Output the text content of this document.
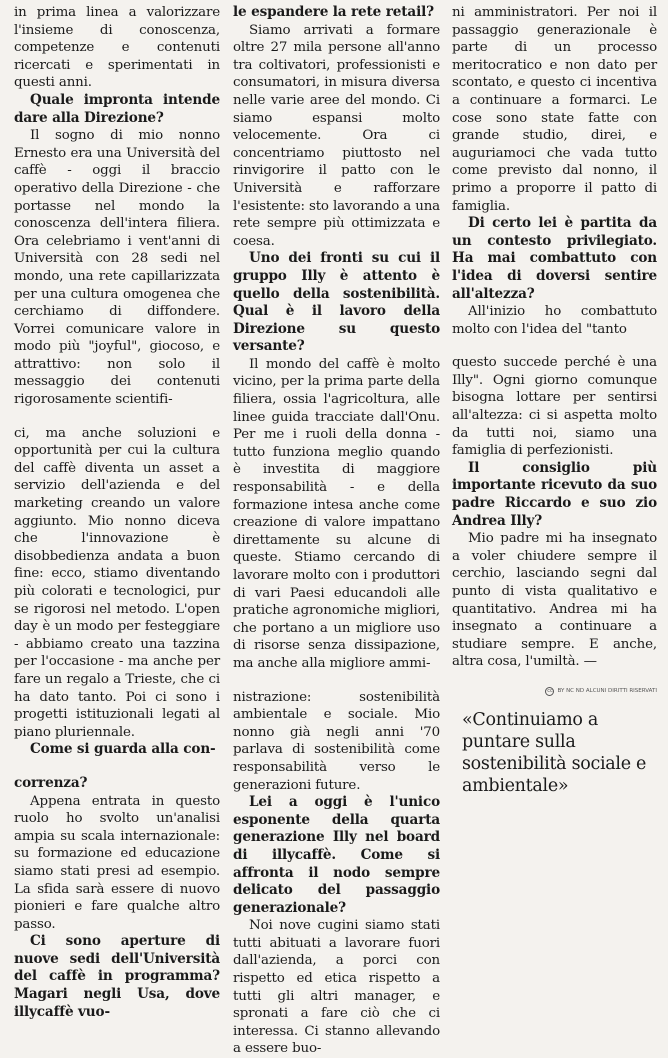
in prima linea a valorizzare l'insieme di conoscenza, competenze e contenuti ricercati e sperimentati in questi anni.

Quale impronta intende dare alla Direzione?

Il sogno di mio nonno Ernesto era una Università del caffè - oggi il braccio operativo della Direzione - che portasse nel mondo la conoscenza dell'intera filiera. Ora celebriamo i vent'anni di Università con 28 sedi nel mondo, una rete capillarizzata per una cultura omogenea che cerchiamo di diffondere. Vorrei comunicare valore in modo più "joyful", giocoso, e attrattivo: non solo il messaggio dei contenuti rigorosamente scientifi-

ci, ma anche soluzioni e opportunità per cui la cultura del caffè diventa un asset a servizio dell'azienda e del marketing creando un valore aggiunto. Mio nonno diceva che l'innovazione è disobbedienza andata a buon fine: ecco, stiamo diventando più colorati e tecnologici, pur se rigorosi nel metodo. L'open day è un modo per festeggiare - abbiamo creato una tazzina per l'occasione - ma anche per fare un regalo a Trieste, che ci ha dato tanto. Poi ci sono i progetti istituzionali legati al piano pluriennale.

Come si guarda alla con-

correnza?

Appena entrata in questo ruolo ho svolto un'analisi ampia su scala internazionale: su formazione ed educazione siamo stati presi ad esempio. La sfida sarà essere di nuovo pionieri e fare qualche altro passo.

Ci sono aperture di nuove sedi dell'Università del caffè in programma? Magari negli Usa, dove illycaffè vuo-

le espandere la rete retail?

Siamo arrivati a formare oltre 27 mila persone all'anno tra coltivatori, professionisti e consumatori, in misura diversa nelle varie aree del mondo. Ci siamo espansi molto velocemente. Ora ci concentriamo piuttosto nel rinvigorire il patto con le Università e rafforzare l'esistente: sto lavorando a una rete sempre più ottimizzata e coesa.

Uno dei fronti su cui il gruppo Illy è attento è quello della sostenibilità. Qual è il lavoro della Direzione su questo versante?

Il mondo del caffè è molto vicino, per la prima parte della filiera, ossia l'agricoltura, alle linee guida tracciate dall'Onu. Per me i ruoli della donna - tutto funziona meglio quando è investita di maggiore responsabilità - e della formazione intesa anche come creazione di valore impattano direttamente su alcune di queste. Stiamo cercando di lavorare molto con i produttori di vari Paesi educandoli alle pratiche agronomiche migliori, che portano a un migliore uso di risorse senza dissipazione, ma anche alla migliore ammi-

nistrazione: sostenibilità ambientale e sociale. Mio nonno già negli anni '70 parlava di sostenibilità come responsabilità verso le generazioni future.

Lei a oggi è l'unico esponente della quarta generazione Illy nel board di illycaffè. Come si affronta il nodo sempre delicato del passaggio generazionale?

Noi nove cugini siamo stati tutti abituati a lavorare fuori dall'azienda, a porci con rispetto ed etica rispetto a tutti gli altri manager, e spronati a fare ciò che ci interessa. Ci stanno allevando a essere buo-

ni amministratori. Per noi il passaggio generazionale è parte di un processo meritocratico e non dato per scontato, e questo ci incentiva a continuare a formarci. Le cose sono state fatte con grande studio, direi, e auguriamoci che vada tutto come previsto dal nonno, il primo a proporre il patto di famiglia.

Di certo lei è partita da un contesto privilegiato. Ha mai combattuto con l'idea di doversi sentire all'altezza?

All'inizio ho combattuto molto con l'idea del "tanto

questo succede perché è una Illy". Ogni giorno comunque bisogna lottare per sentirsi all'altezza: ci si aspetta molto da tutti noi, siamo una famiglia di perfezionisti.

Il consiglio più importante ricevuto da suo padre Riccardo e suo zio Andrea Illy?

Mio padre mi ha insegnato a voler chiudere sempre il cerchio, lasciando segni dal punto di vista qualitativo e quantitativo. Andrea mi ha insegnato a continuare a studiare sempre. E anche, altra cosa, l'umiltà. —

cc BY NC ND ALCUNI DIRITTI RISERVATI
«Continuiamo a puntare sulla sostenibilità sociale e ambientale»
